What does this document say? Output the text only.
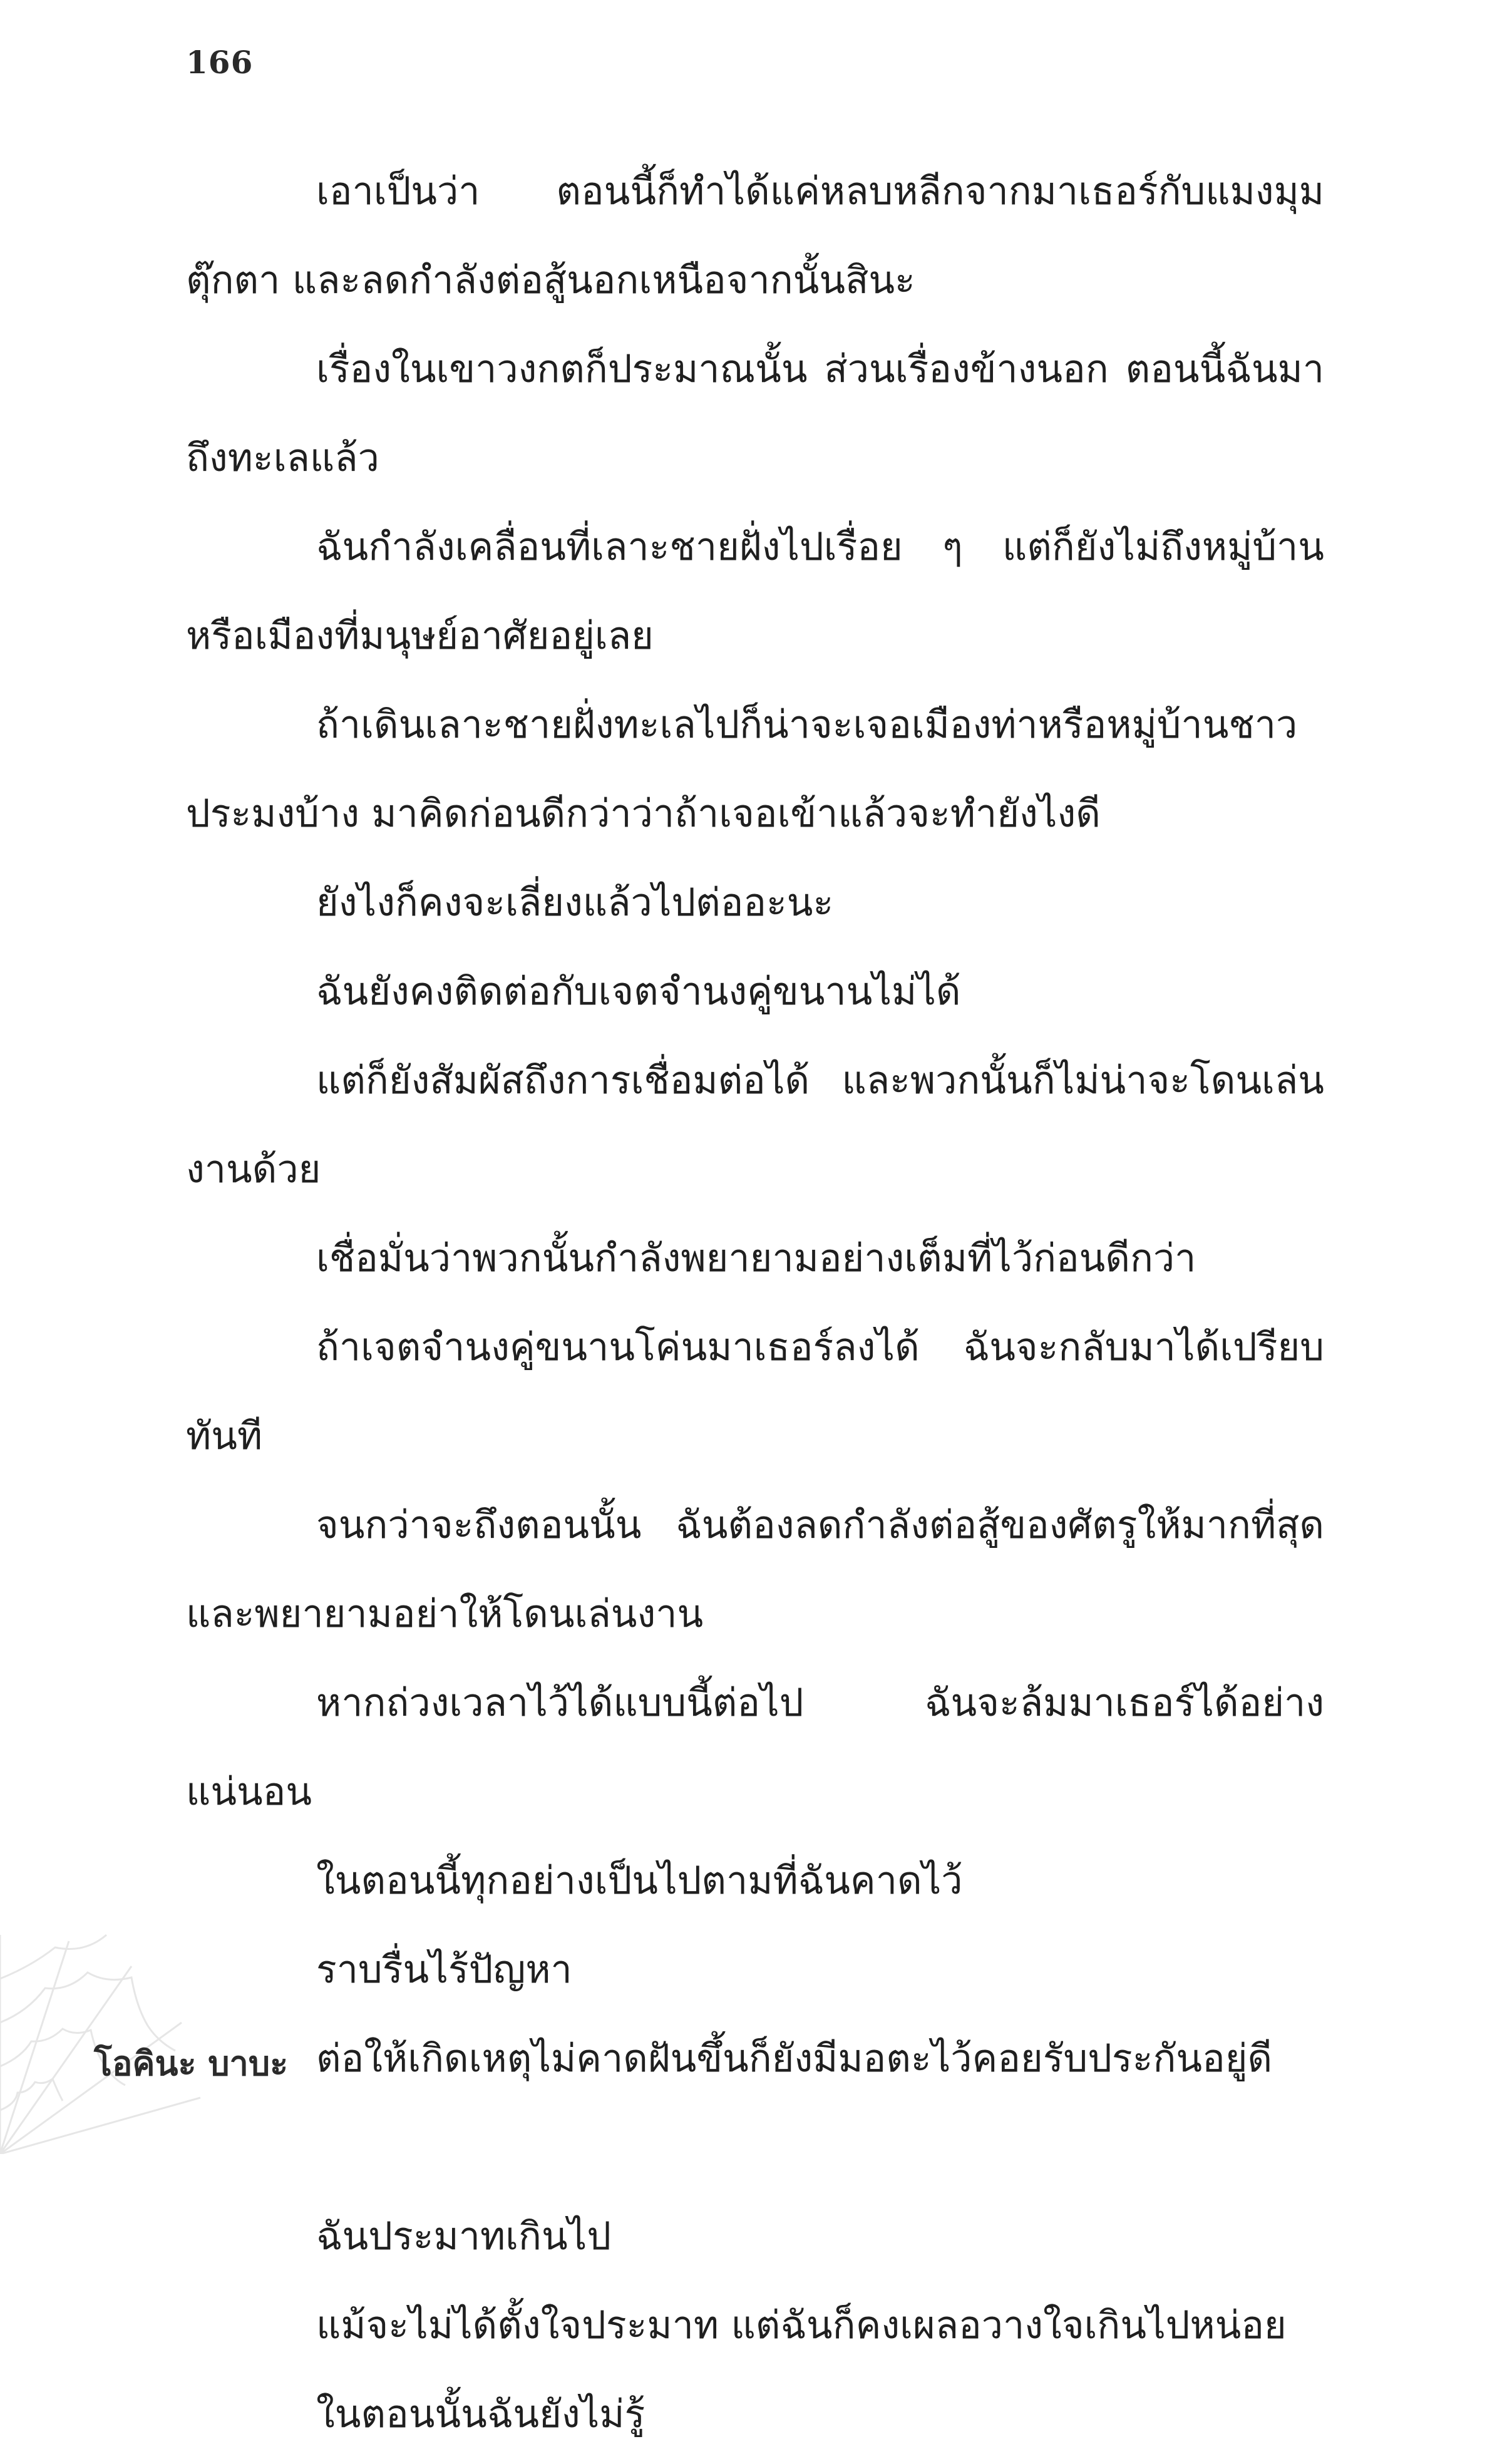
166

เอาเป็นว่า ตอนนี้ก็ทำได้แค่หลบหลีกจากมาเธอร์กับแมงมุมตุ๊กตา และลดกำลังต่อสู้นอกเหนือจากนั้นสินะ

เรื่องในเขาวงกตก็ประมาณนั้น ส่วนเรื่องข้างนอก ตอนนี้ฉันมาถึงทะเลแล้ว

ฉันกำลังเคลื่อนที่เลาะชายฝั่งไปเรื่อย ๆ แต่ก็ยังไม่ถึงหมู่บ้านหรือเมืองที่มนุษย์อาศัยอยู่เลย

ถ้าเดินเลาะชายฝั่งทะเลไปก็น่าจะเจอเมืองท่าหรือหมู่บ้านชาวประมงบ้าง มาคิดก่อนดีกว่าว่าถ้าเจอเข้าแล้วจะทำยังไงดี

ยังไงก็คงจะเลี่ยงแล้วไปต่ออะนะ

ฉันยังคงติดต่อกับเจตจำนงคู่ขนานไม่ได้

แต่ก็ยังสัมผัสถึงการเชื่อมต่อได้ และพวกนั้นก็ไม่น่าจะโดนเล่นงานด้วย

เชื่อมั่นว่าพวกนั้นกำลังพยายามอย่างเต็มที่ไว้ก่อนดีกว่า

ถ้าเจตจำนงคู่ขนานโค่นมาเธอร์ลงได้ ฉันจะกลับมาได้เปรียบทันที

จนกว่าจะถึงตอนนั้น ฉันต้องลดกำลังต่อสู้ของศัตรูให้มากที่สุดและพยายามอย่าให้โดนเล่นงาน

หากถ่วงเวลาไว้ได้แบบนี้ต่อไป ฉันจะล้มมาเธอร์ได้อย่างแน่นอน

ในตอนนี้ทุกอย่างเป็นไปตามที่ฉันคาดไว้

ราบรื่นไร้ปัญหา

ต่อให้เกิดเหตุไม่คาดฝันขึ้นก็ยังมีมอตะไว้คอยรับประกันอยู่ดี

ฉันประมาทเกินไป

แม้จะไม่ได้ตั้งใจประมาท แต่ฉันก็คงเผลอวางใจเกินไปหน่อย

ในตอนนั้นฉันยังไม่รู้

โอคินะ บาบะ
